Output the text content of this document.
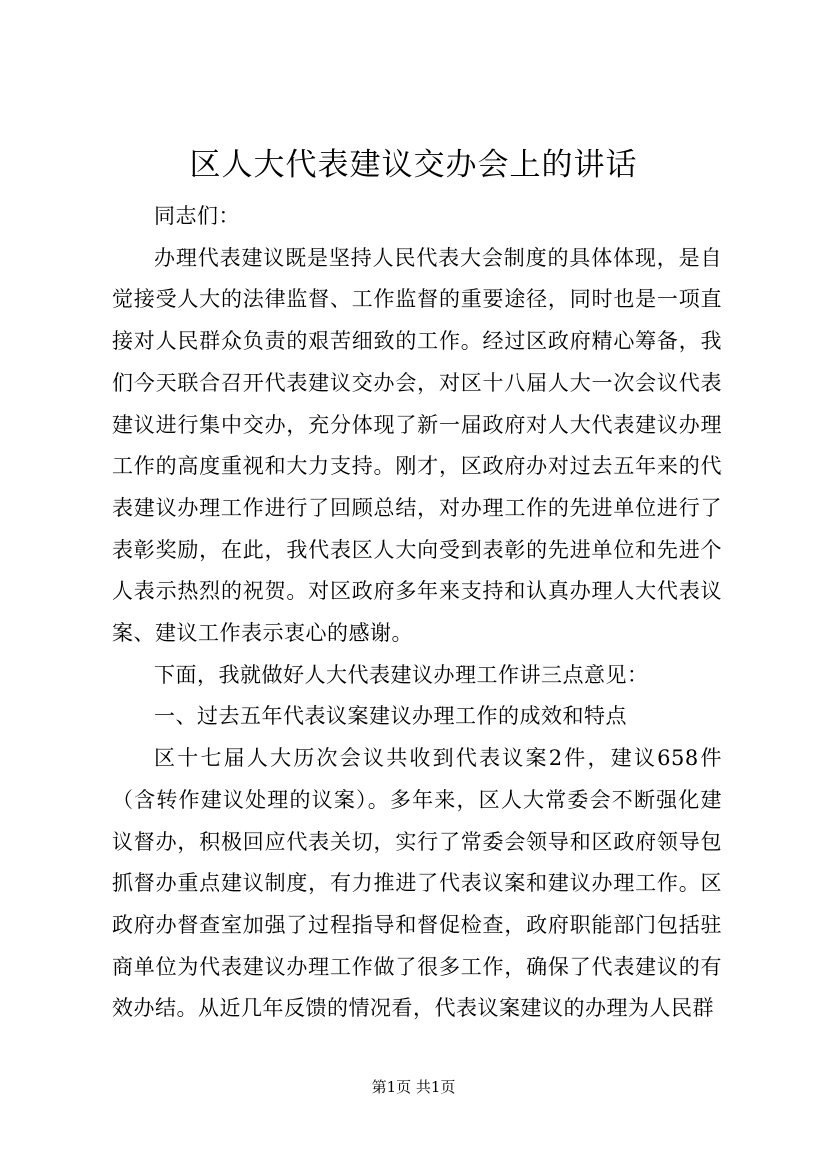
区人大代表建议交办会上的讲话

同志们：

办理代表建议既是坚持人民代表大会制度的具体体现，是自觉接受人大的法律监督、工作监督的重要途径，同时也是一项直接对人民群众负责的艰苦细致的工作。经过区政府精心筹备，我们今天联合召开代表建议交办会，对区十八届人大一次会议代表建议进行集中交办，充分体现了新一届政府对人大代表建议办理工作的高度重视和大力支持。刚才，区政府办对过去五年来的代表建议办理工作进行了回顾总结，对办理工作的先进单位进行了表彰奖励，在此，我代表区人大向受到表彰的先进单位和先进个人表示热烈的祝贺。对区政府多年来支持和认真办理人大代表议案、建议工作表示衷心的感谢。

下面，我就做好人大代表建议办理工作讲三点意见：

一、过去五年代表议案建议办理工作的成效和特点

区十七届人大历次会议共收到代表议案2件，建议658件（含转作建议处理的议案）。多年来，区人大常委会不断强化建议督办，积极回应代表关切，实行了常委会领导和区政府领导包抓督办重点建议制度，有力推进了代表议案和建议办理工作。区政府办督查室加强了过程指导和督促检查，政府职能部门包括驻商单位为代表建议办理工作做了很多工作，确保了代表建议的有效办结。从近几年反馈的情况看，代表议案建议的办理为人民群

第1页 共1页
